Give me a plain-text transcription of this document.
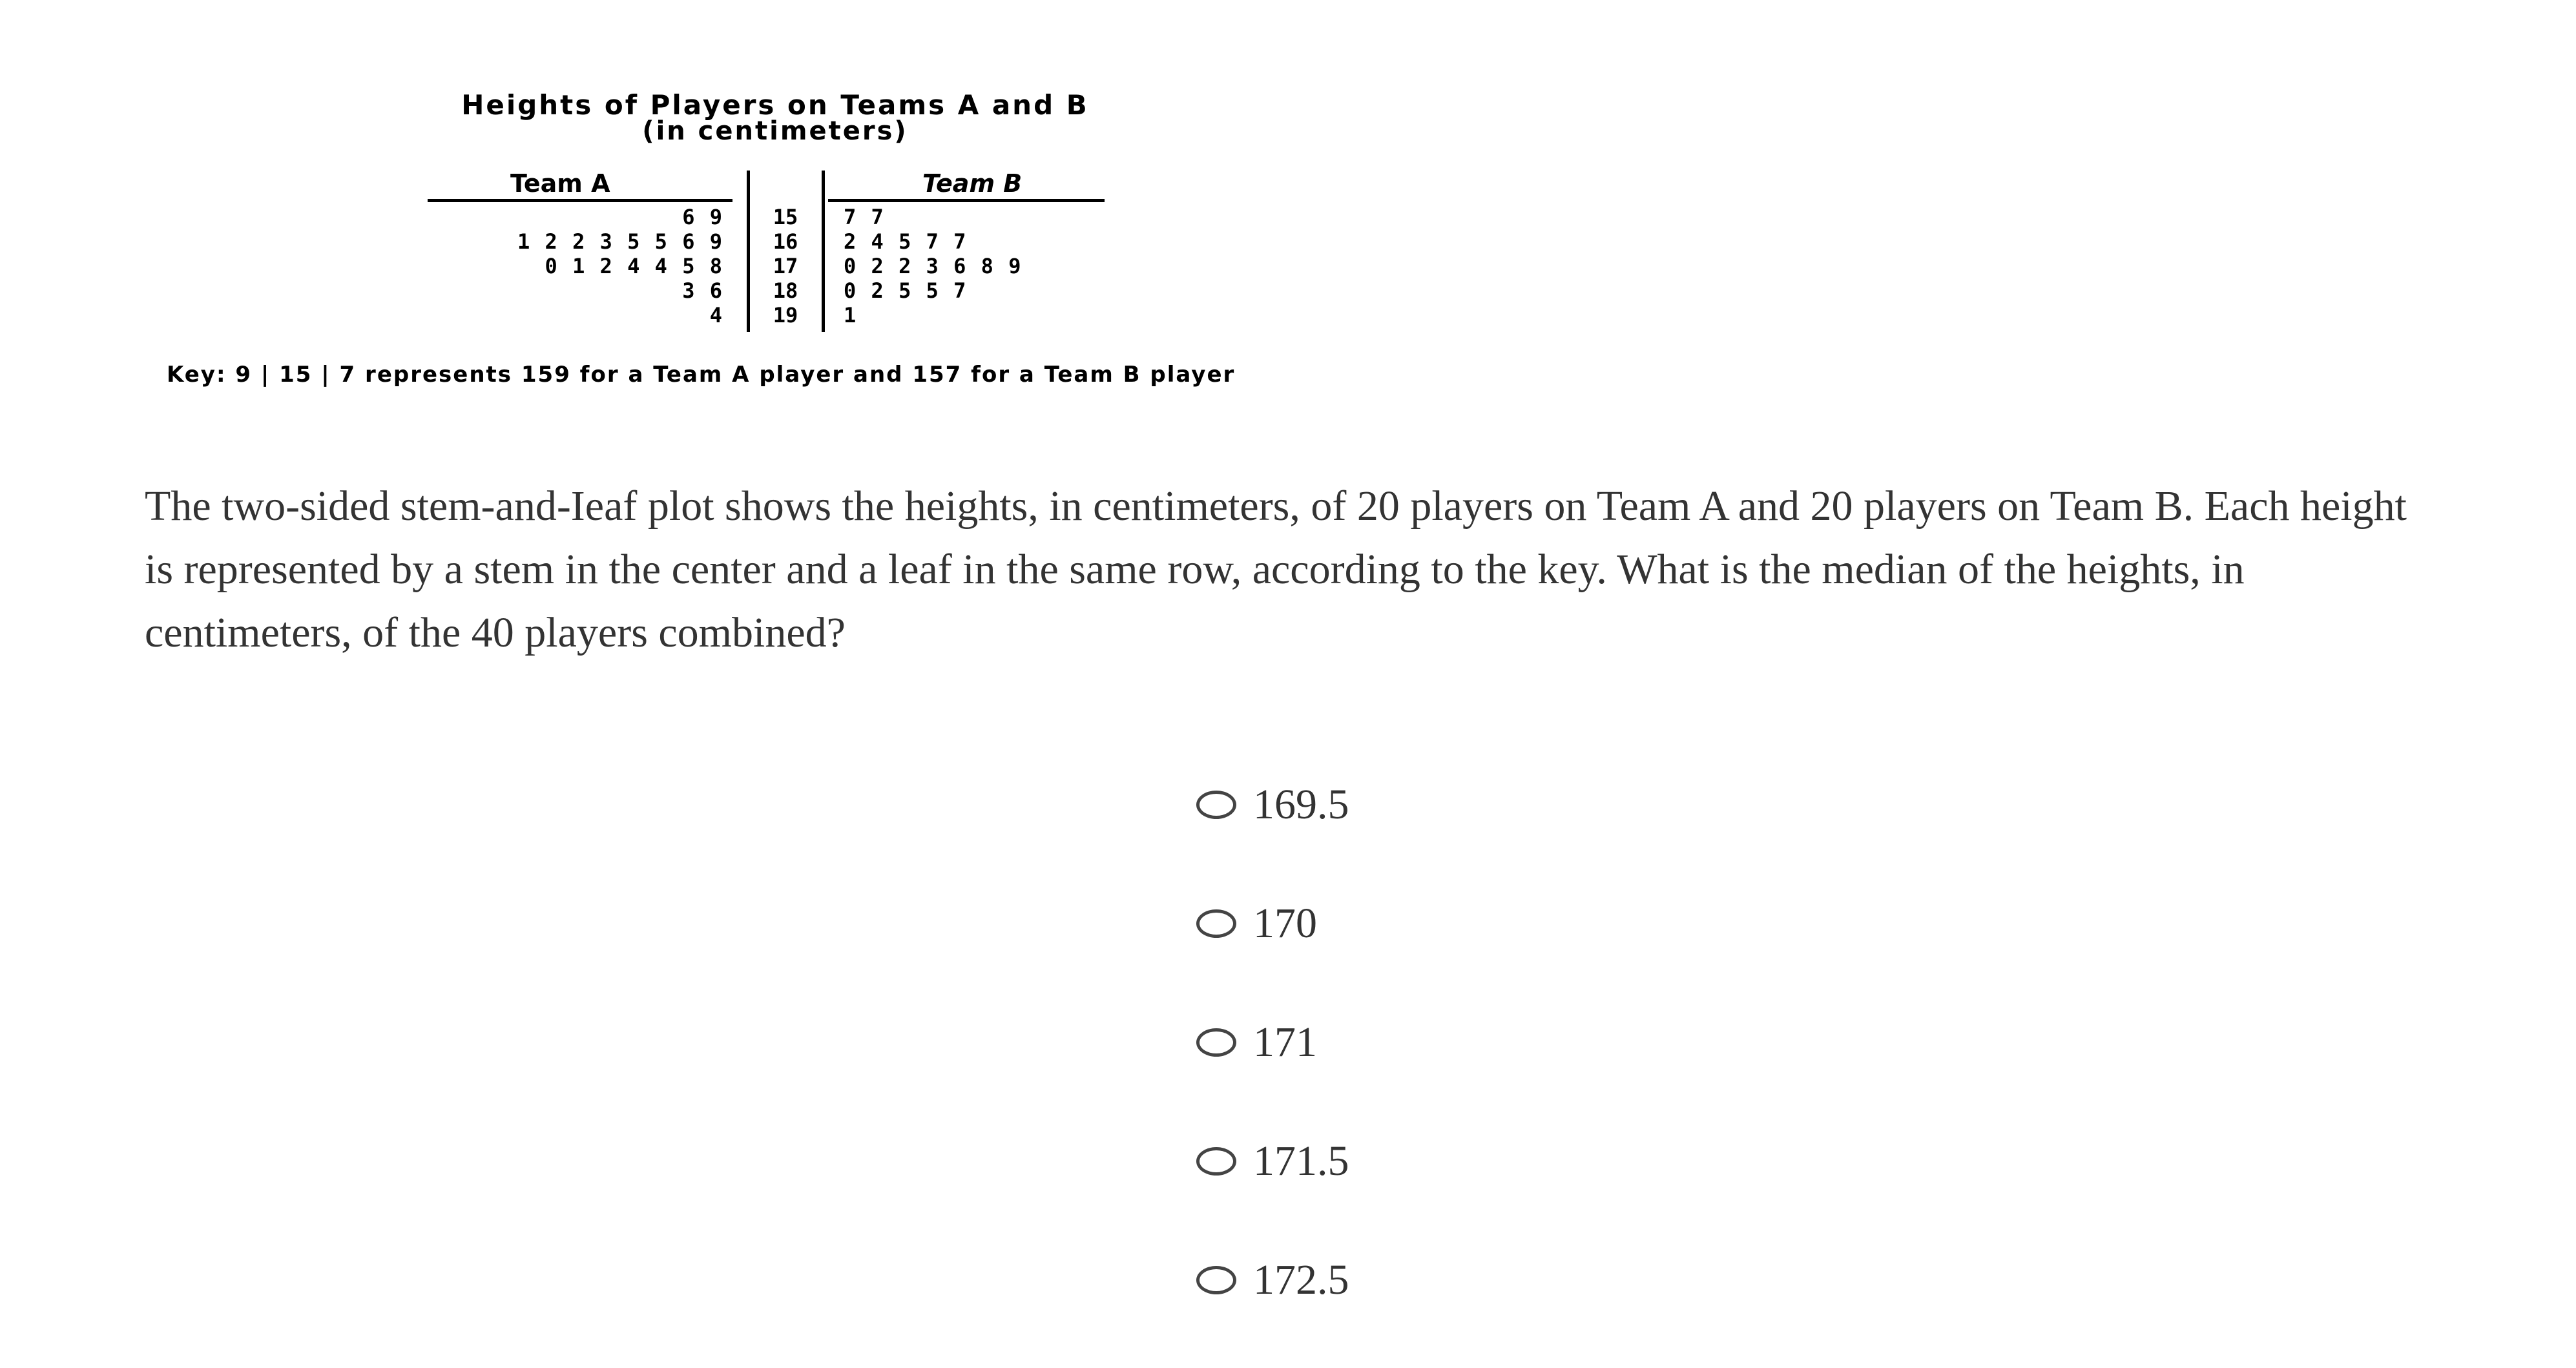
Heights of Players on Teams A and B
(in centimeters)
Team A	Team B
6 9	15	7 7
1 2 2 3 5 5 6 9	16	2 4 5 7 7
0 1 2 4 4 5 8	17	0 2 2 3 6 8 9
3 6	18	0 2 5 5 7
4	19	1
Key: 9 | 15 | 7 represents 159 for a Team A player and 157 for a Team B player
The two-sided stem-and-Ieaf plot shows the heights, in centimeters, of 20 players on Team A and 20 players on Team B. Each height is represented by a stem in the center and a leaf in the same row, according to the key. What is the median of the heights, in centimeters, of the 40 players combined?
169.5
170
171
171.5
172.5
